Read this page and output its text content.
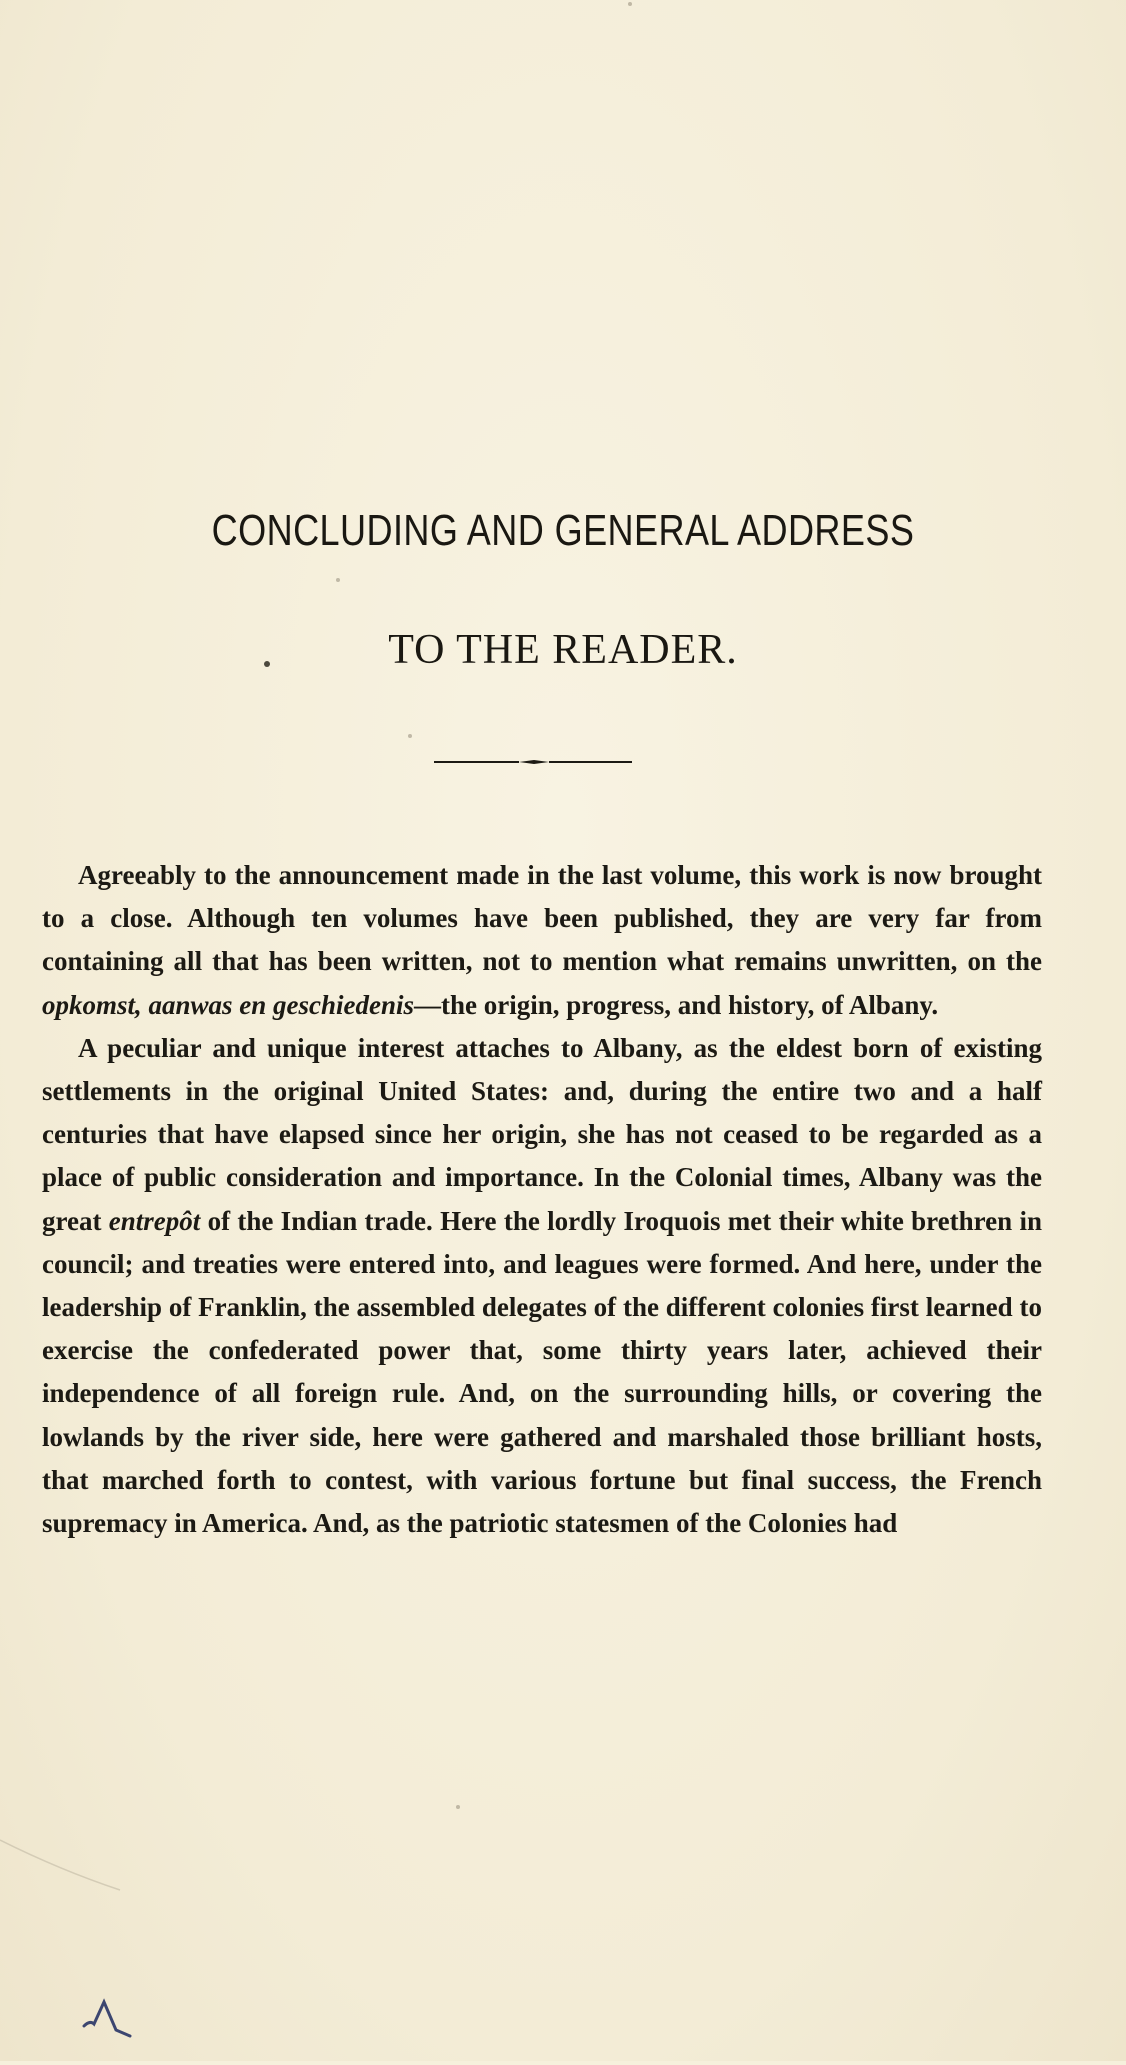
CONCLUDING AND GENERAL ADDRESS
TO THE READER.

Agreeably to the announcement made in the last volume, this work is now brought to a close. Although ten volumes have been published, they are very far from containing all that has been written, not to mention what remains unwritten, on the opkomst, aanwas en geschiedenis—the origin, progress, and history, of Albany.

A peculiar and unique interest attaches to Albany, as the eldest born of existing settlements in the original United States: and, during the entire two and a half centuries that have elapsed since her origin, she has not ceased to be regarded as a place of public consideration and importance. In the Colonial times, Albany was the great entrepôt of the Indian trade. Here the lordly Iroquois met their white brethren in council; and treaties were entered into, and leagues were formed. And here, under the leadership of Franklin, the assembled delegates of the different colonies first learned to exercise the confederated power that, some thirty years later, achieved their independence of all foreign rule. And, on the surrounding hills, or covering the lowlands by the river side, here were gathered and marshaled those brilliant hosts, that marched forth to contest, with various fortune but final success, the French supremacy in America. And, as the patriotic statesmen of the Colonies had
